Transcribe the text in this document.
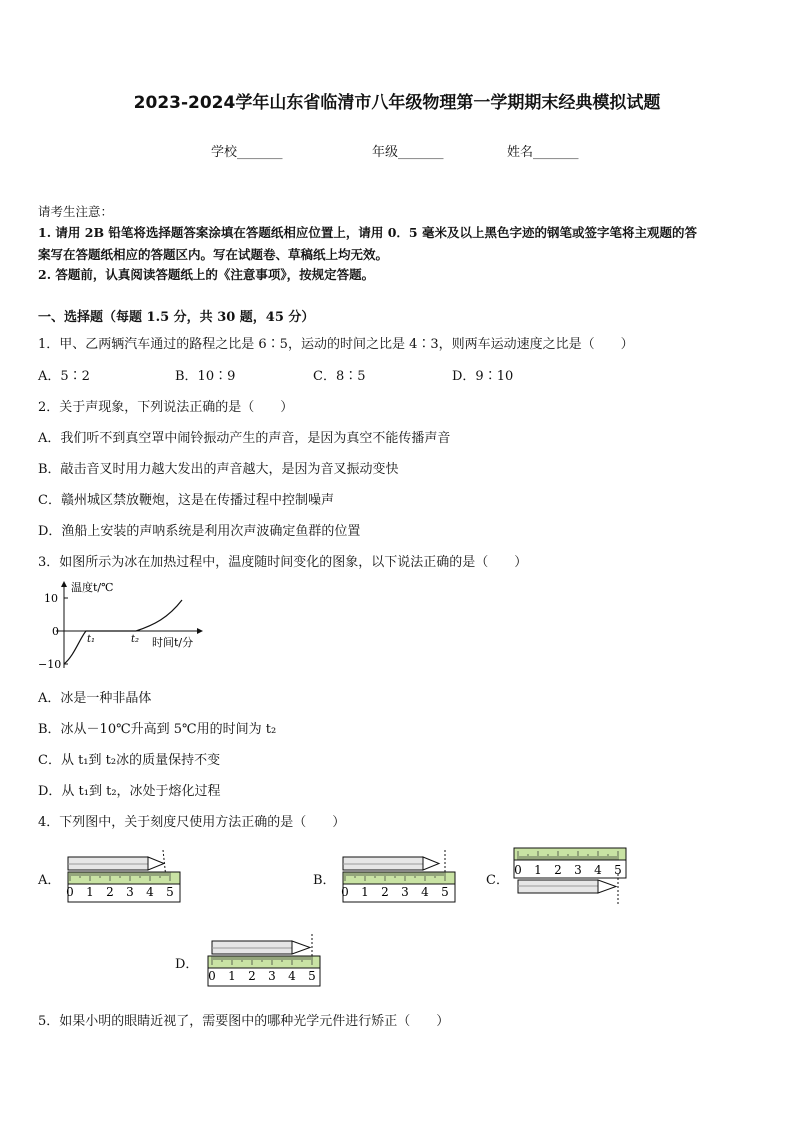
2023-2024学年山东省临清市八年级物理第一学期期末经典模拟试题
学校_______	年级_______	姓名_______
请考生注意：
1. 请用 2B 铅笔将选择题答案涂填在答题纸相应位置上，请用 0．5 毫米及以上黑色字迹的钢笔或签字笔将主观题的答
案写在答题纸相应的答题区内。写在试题卷、草稿纸上均无效。
2. 答题前，认真阅读答题纸上的《注意事项》，按规定答题。
一、选择题（每题 1.5 分，共 30 题，45 分）
1．甲、乙两辆汽车通过的路程之比是 6∶5，运动的时间之比是 4∶3，则两车运动速度之比是（　　）
A．5∶2	B．10∶9	C．8∶5	D．9∶10
2．关于声现象，下列说法正确的是（　　）
A．我们听不到真空罩中闹铃振动产生的声音，是因为真空不能传播声音
B．敲击音叉时用力越大发出的声音越大，是因为音叉振动变快
C．赣州城区禁放鞭炮，这是在传播过程中控制噪声
D．渔船上安装的声呐系统是利用次声波确定鱼群的位置
3．如图所示为冰在加热过程中，温度随时间变化的图象，以下说法正确的是（　　）
温度t/℃
10
0
−10
t₁	t₂ 时间t/分
A．冰是一种非晶体
B．冰从－10℃升高到 5℃用的时间为 t₂
C．从 t₁到 t₂冰的质量保持不变
D．从 t₁到 t₂，冰处于熔化过程
4．下列图中，关于刻度尺使用方法正确的是（　　）
A．	B．	C．
D．
0 1 2 3 4 5	0 1 2 3 4 5
0 1 2 3 4 5
0 1 2 3 4 5
5．如果小明的眼睛近视了，需要图中的哪种光学元件进行矫正（　　）
